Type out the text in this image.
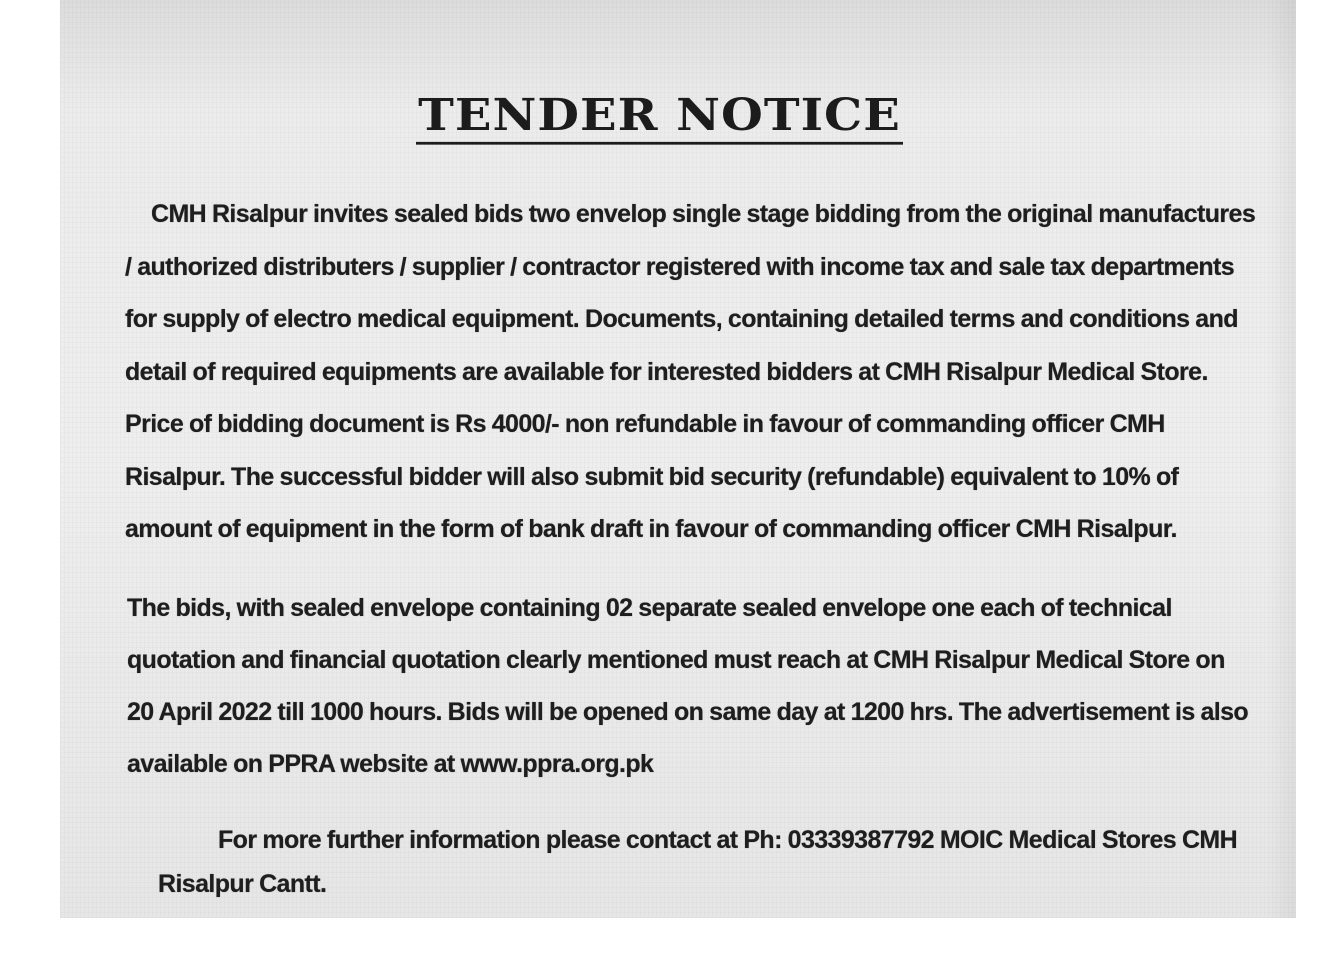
TENDER NOTICE

CMH Risalpur invites sealed bids two envelop single stage bidding from the original manufactures / authorized distributers / supplier / contractor registered with income tax and sale tax departments for supply of electro medical equipment. Documents, containing detailed terms and conditions and detail of required equipments are available for interested bidders at CMH Risalpur Medical Store. Price of bidding document is Rs 4000/- non refundable in favour of commanding officer CMH Risalpur. The successful bidder will also submit bid security (refundable) equivalent to 10% of amount of equipment in the form of bank draft in favour of commanding officer CMH Risalpur.

The bids, with sealed envelope containing 02 separate sealed envelope one each of technical quotation and financial quotation clearly mentioned must reach at CMH Risalpur Medical Store on 20 April 2022 till 1000 hours. Bids will be opened on same day at 1200 hrs. The advertisement is also available on PPRA website at www.ppra.org.pk

For more further information please contact at Ph: 03339387792 MOIC Medical Stores CMH Risalpur Cantt.
